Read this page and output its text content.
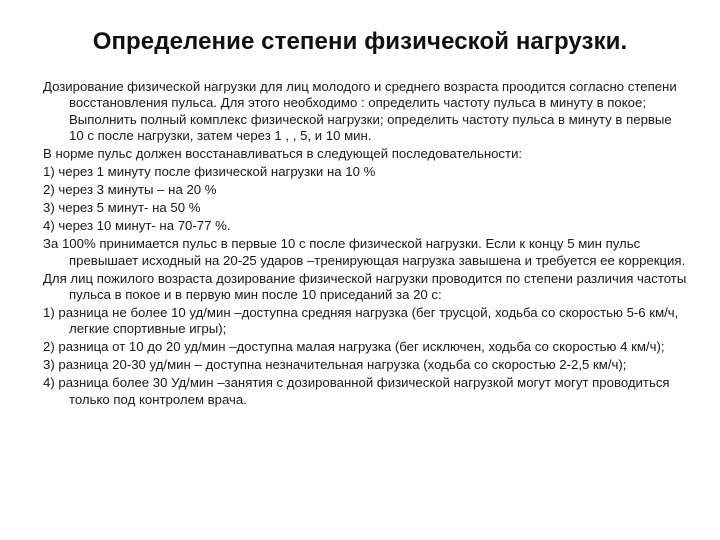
Определение степени физической нагрузки.

Дозирование физической нагрузки для лиц молодого и среднего возраста проодится согласно степени восстановления пульса. Для этого необходимо : определить частоту пульса в минуту в покое; Выполнить полный комплекс физической нагрузки; определить частоту пульса в минуту в первые 10 с после нагрузки, затем через 1 , , 5, и 10 мин.

В норме пульс должен восстанавливаться в следующей последовательности:

1) через 1 минуту после физической нагрузки на 10 %

2) через 3 минуты – на 20 %

3) через 5 минут- на 50 %

4) через 10 минут- на 70-77 %.

За 100% принимается пульс в первые 10 с после физической нагрузки. Если к концу 5 мин пульс превышает исходный на 20-25 ударов –тренирующая нагрузка завышена и требуется ее коррекция.

Для лиц пожилого возраста дозирование физической нагрузки проводится по степени различия частоты пульса в покое и в первую мин после 10 приседаний за 20 с:

1) разница не более 10 уд/мин –доступна средняя нагрузка (бег трусцой, ходьба со скоростью 5-6 км/ч, легкие спортивные игры);

2) разница от 10 до 20 уд/мин –доступна малая нагрузка (бег исключен, ходьба со скоростью 4 км/ч);

3) разница 20-30 уд/мин – доступна незначительная нагрузка (ходьба со скоростью 2-2,5 км/ч);

4) разница более 30 Уд/мин –занятия с дозированной физической нагрузкой могут могут проводиться только под контролем врача.
